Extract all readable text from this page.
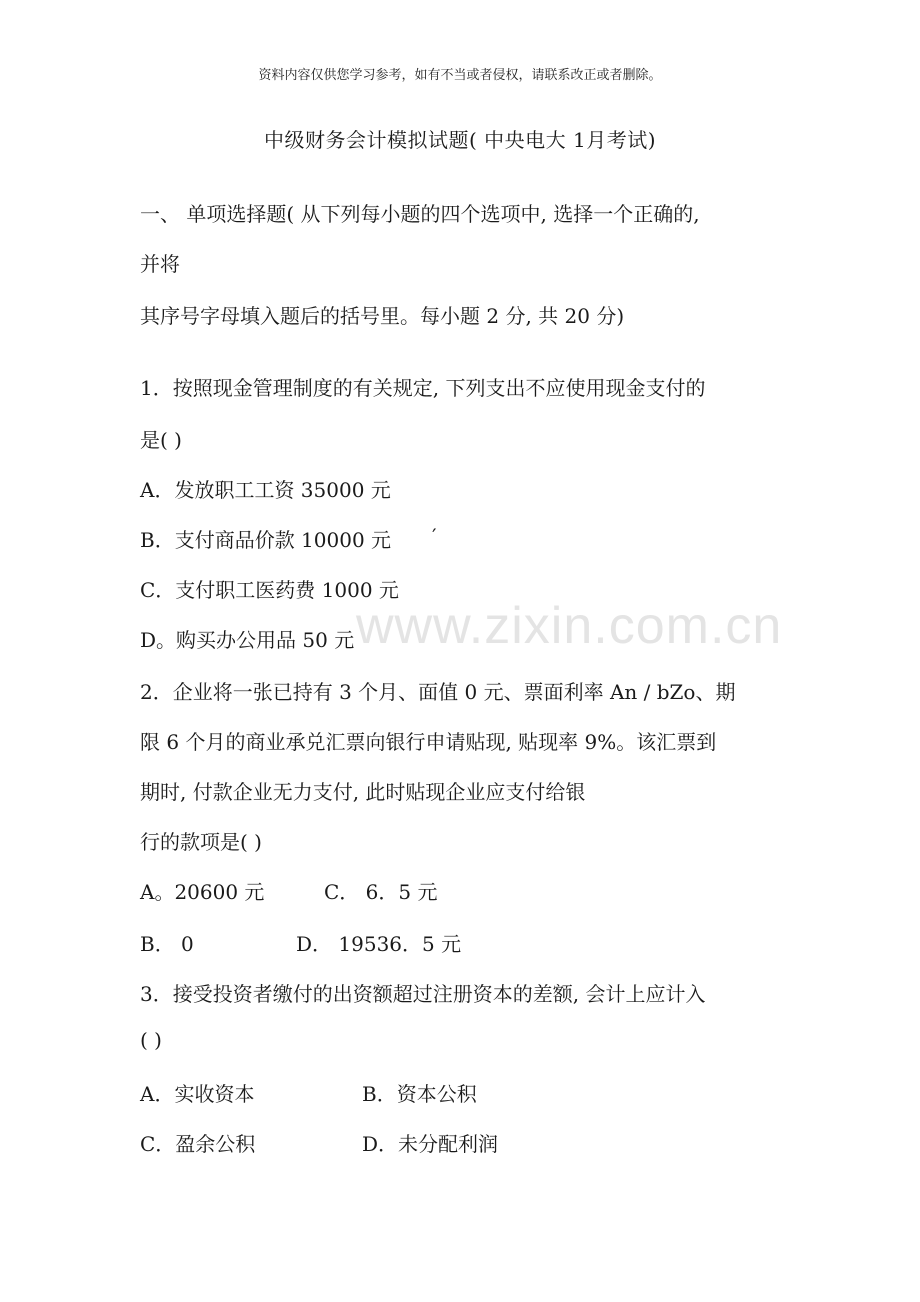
资料内容仅供您学习参考，如有不当或者侵权，请联系改正或者删除。
中级财务会计模拟试题( 中央电大 1月考试)
一、 单项选择题( 从下列每小题的四个选项中, 选择一个正确的,
并将
其序号字母填入题后的括号里。每小题 2 分, 共 20 分)
1．按照现金管理制度的有关规定, 下列支出不应使用现金支付的
是( )
A．发放职工工资 35000 元
B．支付商品价款 10000 元 ′
C．支付职工医药费 1000 元
D。购买办公用品 50 元
2．企业将一张已持有 3 个月、面值 0 元、票面利率 An / bZo、期
限 6 个月的商业承兑汇票向银行申请贴现, 贴现率 9%。该汇票到
期时, 付款企业无力支付, 此时贴现企业应支付给银
行的款项是( )
A。20600 元	C． 6．5 元
B． 0	D． 19536．5 元
3．接受投资者缴付的出资额超过注册资本的差额, 会计上应计入
( )
A．实收资本	B．资本公积
C．盈余公积	D．未分配利润
www.zixin.com.cn
